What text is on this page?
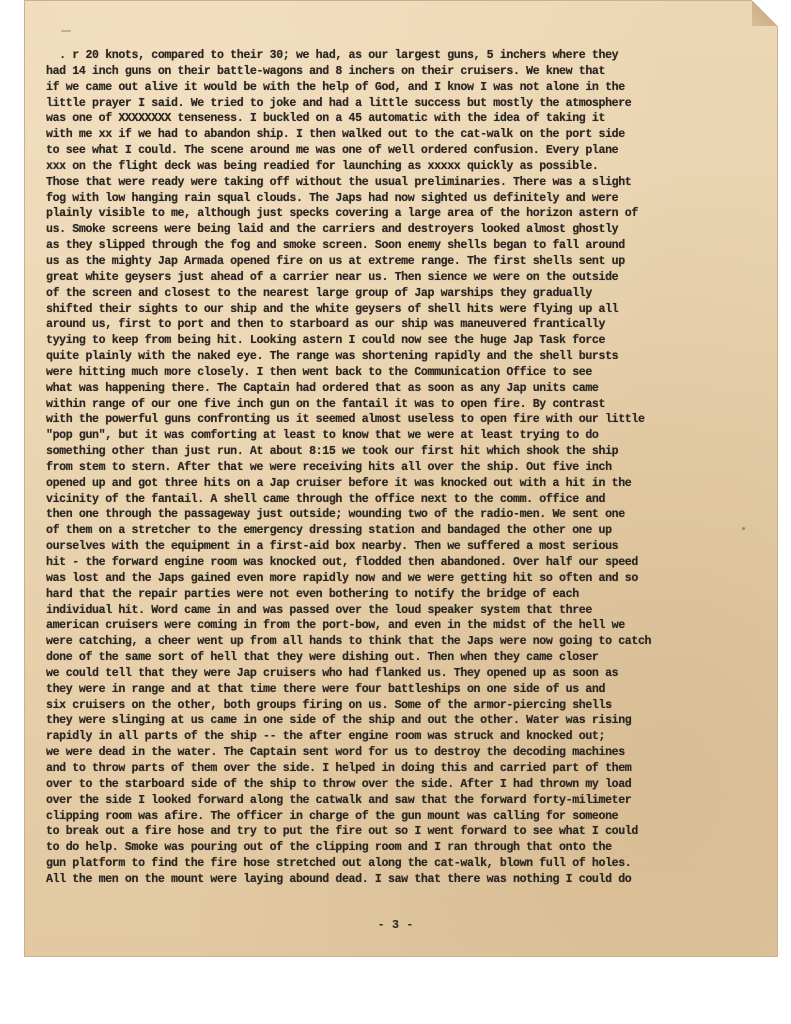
. r 20 knots, compared to their 30; we had, as our largest guns, 5 inchers where they
had 14 inch guns on their battle-wagons and 8 inchers on their cruisers. We knew that
if we came out alive it would be with the help of God, and I know I was not alone in the
little prayer I said. We tried to joke and had a little success but mostly the atmosphere
was one of XXXXXXXX tenseness. I buckled on a 45 automatic with the idea of taking it
with me xx if we had to abandon ship. I then walked out to the cat-walk on the port side
to see what I could. The scene around me was one of well ordered confusion. Every plane
xxx on the flight deck was being readied for launching as xxxxx quickly as possible.
Those that were ready were taking off without the usual preliminaries. There was a slight
fog with low hanging rain squal clouds. The Japs had now sighted us definitely and were
plainly visible to me, although just specks covering a large area of the horizon astern of
us. Smoke screens were being laid and the carriers and destroyers looked almost ghostly
as they slipped through the fog and smoke screen. Soon enemy shells began to fall around
us as the mighty Jap Armada opened fire on us at extreme range. The first shells sent up
great white geysers just ahead of a carrier near us. Then sience we were on the outside
of the screen and closest to the nearest large group of Jap warships they gradually
shifted their sights to our ship and the white geysers of shell hits were flying up all
around us, first to port and then to starboard as our ship was maneuvered frantically
tyying to keep from being hit. Looking astern I could now see the huge Jap Task force
quite plainly with the naked eye. The range was shortening rapidly and the shell bursts
were hitting much more closely. I then went back to the Communication Office to see
what was happening there. The Captain had ordered that as soon as any Jap units came
within range of our one five inch gun on the fantail it was to open fire. By contrast
with the powerful guns confronting us it seemed almost useless to open fire with our little
"pop gun", but it was comforting at least to know that we were at least trying to do
something other than just run. At about 8:15 we took our first hit which shook the ship
from stem to stern. After that we were receiving hits all over the ship. Out five inch
opened up and got three hits on a Jap cruiser before it was knocked out with a hit in the
vicinity of the fantail. A shell came through the office next to the comm. office and
then one through the passageway just outside; wounding two of the radio-men. We sent one
of them on a stretcher to the emergency dressing station and bandaged the other one up
ourselves with the equipment in a first-aid box nearby. Then we suffered a most serious
hit - the forward engine room was knocked out, flodded then abandoned. Over half our speed
was lost and the Japs gained even more rapidly now and we were getting hit so often and so
hard that the repair parties were not even bothering to notify the bridge of each
individual hit. Word came in and was passed over the loud speaker system that three
american cruisers were coming in from the port-bow, and even in the midst of the hell we
were catching, a cheer went up from all hands to think that the Japs were now going to catch
done of the same sort of hell that they were dishing out. Then when they came closer
we could tell that they were Jap cruisers who had flanked us. They opened up as soon as
they were in range and at that time there were four battleships on one side of us and
six cruisers on the other, both groups firing on us. Some of the armor-piercing shells
they were slinging at us came in one side of the ship and out the other. Water was rising
rapidly in all parts of the ship -- the after engine room was struck and knocked out;
we were dead in the water. The Captain sent word for us to destroy the decoding machines
and to throw parts of them over the side. I helped in doing this and carried part of them
over to the starboard side of the ship to throw over the side. After I had thrown my load
over the side I looked forward along the catwalk and saw that the forward forty-milimeter
clipping room was afire. The officer in charge of the gun mount was calling for someone
to break out a fire hose and try to put the fire out so I went forward to see what I could
to do help. Smoke was pouring out of the clipping room and I ran through that onto the
gun platform to find the fire hose stretched out along the cat-walk, blown full of holes.
All the men on the mount were laying abound dead. I saw that there was nothing I could do
- 3 -
